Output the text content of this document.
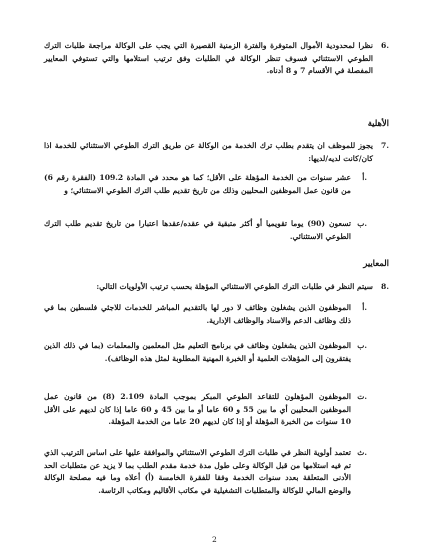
.6
نظرا لمحدودية الأموال المتوفرة والفترة الزمنية القصيرة التي يجب على الوكالة مراجعة طلبات الترك الطوعي الاستثنائي فسوف تنظر الوكالة في الطلبات وفق ترتيب استلامها والتي تستوفي المعايير المفصلة في الأقسام 7 و 8 أدناه.
الأهلية
.7
يجوز للموظف ان يتقدم بطلب ترك الخدمة من الوكالة عن طريق الترك الطوعي الاستثنائي للخدمة اذا كان/كانت لديه/لديها:
.أ
عشر سنوات من الخدمة المؤهلة على الأقل؛ كما هو محدد في المادة 109.2 (الفقرة رقم 6) من قانون عمل الموظفين المحليين وذلك من تاريخ تقديم طلب الترك الطوعي الاستثنائي؛ و
.ب
تسعون (90) يوما تقويميا أو أكثر متبقية في عقده/عقدها اعتبارا من تاريخ تقديم طلب الترك الطوعي الاستثنائي.
المعايير
.8
سيتم النظر في طلبات الترك الطوعي الاستثنائي المؤهلة بحسب ترتيب الأولويات التالي:
.أ
الموظفون الذين يشغلون وظائف لا دور لها بالتقديم المباشر للخدمات للاجئي فلسطين بما في ذلك وظائف الدعم والاسناد والوظائف الإدارية.
.ب
الموظفون الذين يشغلون وظائف في برنامج التعليم مثل المعلمين والمعلمات (بما في ذلك الذين يفتقرون إلى المؤهلات العلمية أو الخبرة المهنية المطلوبة لمثل هذه الوظائف).
.ت
الموظفون المؤهلون للتقاعد الطوعي المبكر بموجب المادة 2.109 (8) من قانون عمل الموظفين المحليين أي ما بين 55 و 60 عاما أو ما بين 45 و 60 عاما إذا كان لديهم على الأقل 10 سنوات من الخبرة المؤهلة أو إذا كان لديهم 20 عاما من الخدمة المؤهلة.
.ث
تعتمد أولوية النظر في طلبات الترك الطوعي الاستثنائي والموافقة عليها على اساس الترتيب الذي تم فيه استلامها من قبل الوكالة وعلى طول مدة خدمة مقدم الطلب بما لا يزيد عن متطلبات الحد الأدنى المتعلقة بعدد سنوات الخدمة وفقا للفقرة الخامسة (أ) أعلاه وما فيه مصلحة الوكالة والوضع المالي للوكالة والمتطلبات التشغيلية في مكاتب الأقاليم ومكاتب الرئاسة.
2
